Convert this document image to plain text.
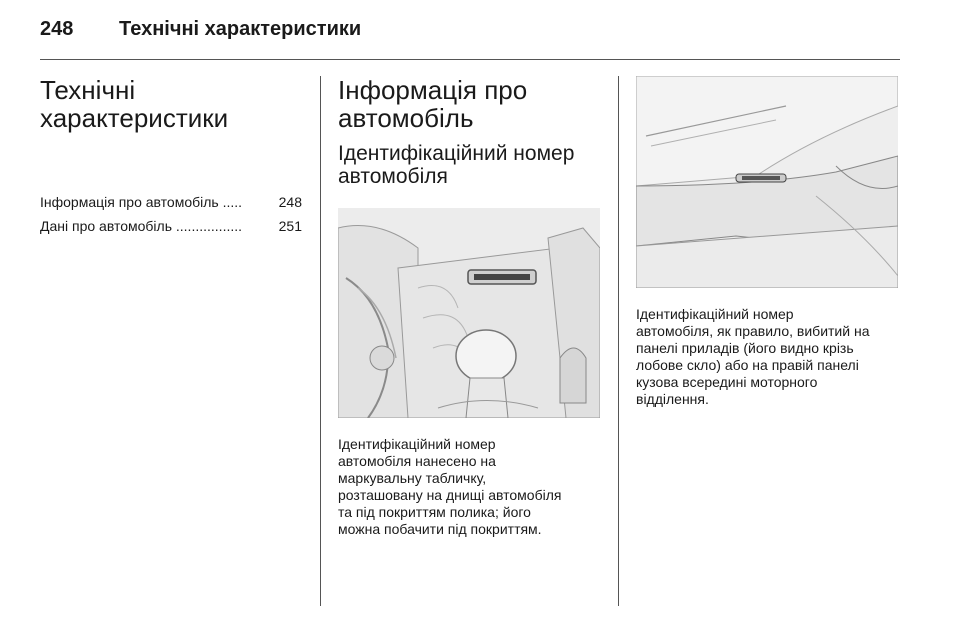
248 Технічні характеристики
Технічні
характеристики
Інформація про автомобіль .....	248
Дані про автомобіль .................	251
Інформація про
автомобіль
Ідентифікаційний номер
автомобіля
Ідентифікаційний номер
автомобіля нанесено на
маркувальну табличку,
розташовану на днищі автомобіля
та під покриттям полика; його
можна побачити під покриттям.
Ідентифікаційний номер
автомобіля, як правило, вибитий на
панелі приладів (його видно крізь
лобове скло) або на правій панелі
кузова всередині моторного
відділення.
